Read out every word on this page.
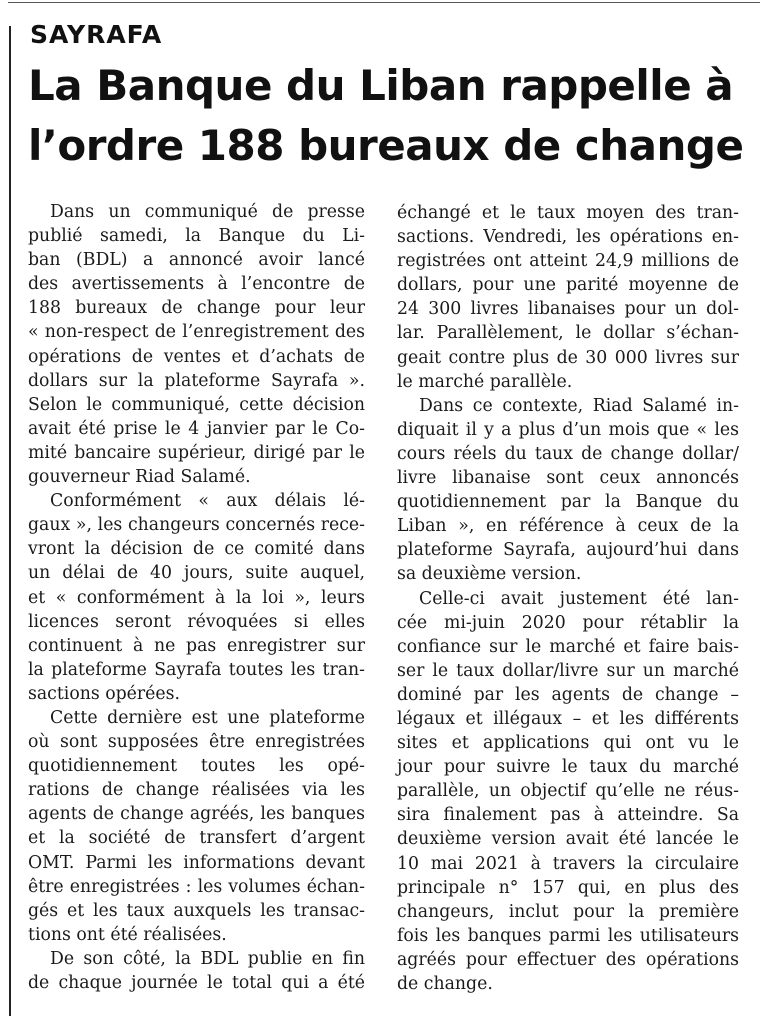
SAYRAFA
La Banque du Liban rappelle à
l’ordre 188 bureaux de change

Dans un communiqué de presse
publié samedi, la Banque du Li-
ban (BDL) a annoncé avoir lancé
des avertissements à l’encontre de
188 bureaux de change pour leur
« non-respect de l’enregistrement des
opérations de ventes et d’achats de
dollars sur la plateforme Sayrafa ».
Selon le communiqué, cette décision
avait été prise le 4 janvier par le Co-
mité bancaire supérieur, dirigé par le
gouverneur Riad Salamé.

Conformément « aux délais lé-
gaux », les changeurs concernés rece-
vront la décision de ce comité dans
un délai de 40 jours, suite auquel,
et « conformément à la loi », leurs
licences seront révoquées si elles
continuent à ne pas enregistrer sur
la plateforme Sayrafa toutes les tran-
sactions opérées.

Cette dernière est une plateforme
où sont supposées être enregistrées
quotidiennement toutes les opé-
rations de change réalisées via les
agents de change agréés, les banques
et la société de transfert d’argent
OMT. Parmi les informations devant
être enregistrées : les volumes échan-
gés et les taux auxquels les transac-
tions ont été réalisées.

De son côté, la BDL publie en fin
de chaque journée le total qui a été

échangé et le taux moyen des tran-
sactions. Vendredi, les opérations en-
registrées ont atteint 24,9 millions de
dollars, pour une parité moyenne de
24 300 livres libanaises pour un dol-
lar. Parallèlement, le dollar s’échan-
geait contre plus de 30 000 livres sur
le marché parallèle.

Dans ce contexte, Riad Salamé in-
diquait il y a plus d’un mois que « les
cours réels du taux de change dollar/
livre libanaise sont ceux annoncés
quotidiennement par la Banque du
Liban », en référence à ceux de la
plateforme Sayrafa, aujourd’hui dans
sa deuxième version.

Celle-ci avait justement été lan-
cée mi-juin 2020 pour rétablir la
confiance sur le marché et faire bais-
ser le taux dollar/livre sur un marché
dominé par les agents de change –
légaux et illégaux – et les différents
sites et applications qui ont vu le
jour pour suivre le taux du marché
parallèle, un objectif qu’elle ne réus-
sira finalement pas à atteindre. Sa
deuxième version avait été lancée le
10 mai 2021 à travers la circulaire
principale n° 157 qui, en plus des
changeurs, inclut pour la première
fois les banques parmi les utilisateurs
agréés pour effectuer des opérations
de change.
